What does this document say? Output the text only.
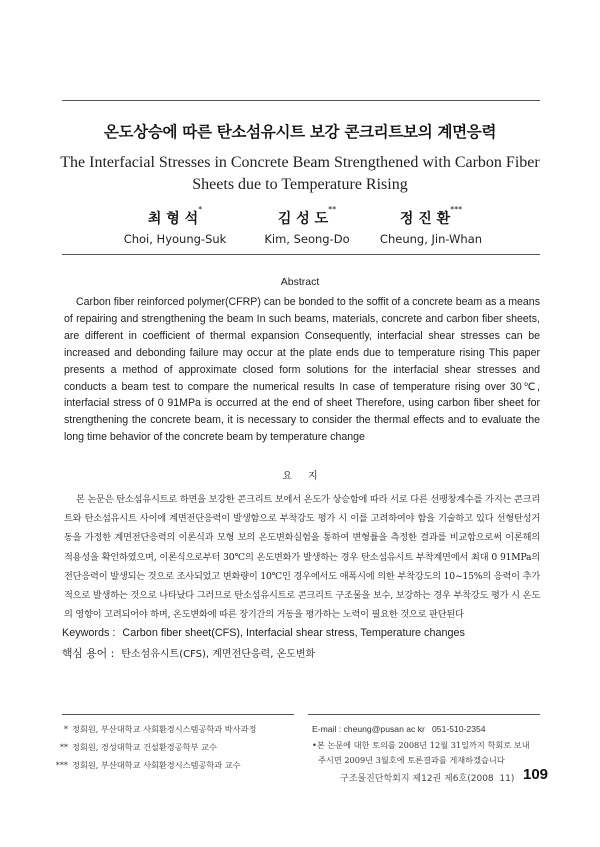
온도상승에 따른 탄소섬유시트 보강 콘크리트보의 계면응력
The Interfacial Stresses in Concrete Beam Strengthened with Carbon Fiber
Sheets due to Temperature Rising
최 형 석*
Choi, Hyoung-Suk
김 성 도**
Kim, Seong-Do
정 진 환***
Cheung, Jin-Whan
Abstract
Carbon fiber reinforced polymer(CFRP) can be bonded to the soffit of a concrete beam as a means of repairing and strengthening the beam In such beams, materials, concrete and carbon fiber sheets, are different in coefficient of thermal expansion Consequently, interfacial shear stresses can be increased and debonding failure may occur at the plate ends due to temperature rising This paper presents a method of approximate closed form solutions for the interfacial shear stresses and conducts a beam test to compare the numerical results In case of temperature rising over 30℃, interfacial stress of 0 91MPa is occurred at the end of sheet Therefore, using carbon fiber sheet for strengthening the concrete beam, it is necessary to consider the thermal effects and to evaluate the long time behavior of the concrete beam by temperature change
요     지
본 논문은 탄소섬유시트로 하면을 보강한 콘크리트 보에서 온도가 상승함에 따라 서로 다른 선팽창계수를 가지는 콘크리트와 탄소섬유시트 사이에 계면전단응력이 발생함으로 부착강도 평가 시 이를 고려하여야 함을 기술하고 있다 선형탄성거동을 가정한 계면전단응력의 이론식과 모형 보의 온도변화실험을 통하여 변형률을 측정한 결과를 비교함으로써 이론해의 적용성을 확인하였으며, 이론식으로부터 30℃의 온도변화가 발생하는 경우 탄소섬유시트 부착계면에서 최대 0 91MPa의 전단응력이 발생되는 것으로 조사되었고 변화량이 10℃인 경우에서도 애폭시에 의한 부착강도의 10~15%의 응력이 추가적으로 발생하는 것으로 나타났다 그러므로 탄소섬유시트로 콘크리트 구조물을 보수, 보강하는 경우 부착강도 평가 시 온도의 영향이 고려되어야 하며, 온도변화에 따른 장기간의 거동을 평가하는 노력이 필요한 것으로 판단된다
Keywords : Carbon fiber sheet(CFS), Interfacial shear stress, Temperature changes
핵심 용어 : 탄소섬유시트(CFS), 계면전단응력, 온도변화
* 정회원, 부산대학교 사회환경시스템공학과 박사과정
** 정회원, 경성대학교 건설환경공학부 교수
*** 정회원, 부산대학교 사회환경시스템공학과 교수
E-mail : cheung@pusan ac kr   051-510-2354
•본 논문에 대한 토의를 2008년 12월 31일까지 학회로 보내
주시면 2009년 3월호에 토론결과를 게재하겠습니다
구조물진단학회지 제12권 제6호(2008  11) 109
